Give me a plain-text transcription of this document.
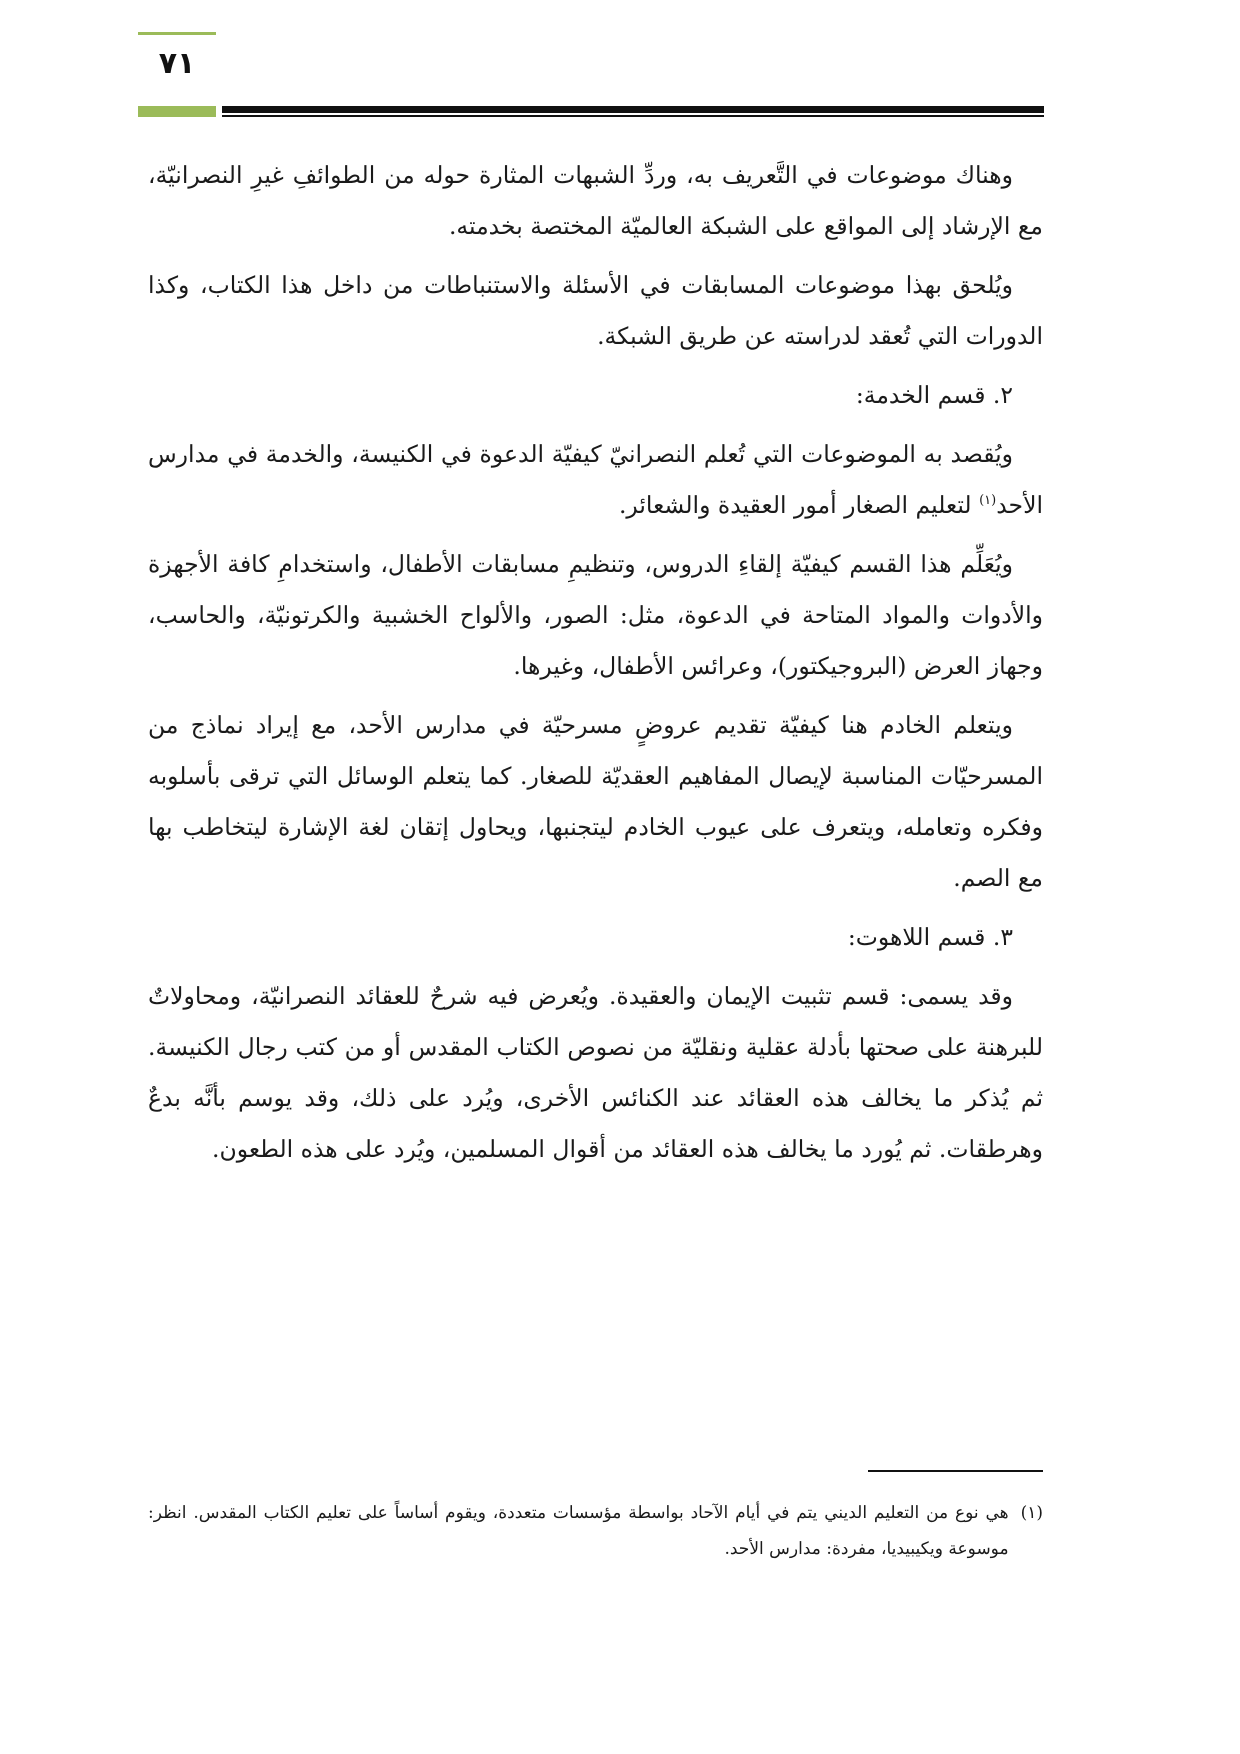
٧١

وهناك موضوعات في التَّعريف به، وردِّ الشبهات المثارة حوله من الطوائفِ غيرِ النصرانيّة، مع الإرشاد إلى المواقع على الشبكة العالميّة المختصة بخدمته.

ويُلحق بهذا موضوعات المسابقات في الأسئلة والاستنباطات من داخل هذا الكتاب، وكذا الدورات التي تُعقد لدراسته عن طريق الشبكة.

٢. قسم الخدمة:

ويُقصد به الموضوعات التي تُعلم النصرانيّ كيفيّة الدعوة في الكنيسة، والخدمة في مدارس الأحد$^{(١)}$ لتعليم الصغار أمور العقيدة والشعائر.

ويُعَلِّم هذا القسم كيفيّة إلقاءِ الدروس، وتنظيمِ مسابقات الأطفال، واستخدامِ كافة الأجهزة والأدوات والمواد المتاحة في الدعوة، مثل: الصور، والألواح الخشبية والكرتونيّة، والحاسب، وجهاز العرض (البروجيكتور)، وعرائس الأطفال، وغيرها.

ويتعلم الخادم هنا كيفيّة تقديم عروضٍ مسرحيّة في مدارس الأحد، مع إيراد نماذج من المسرحيّات المناسبة لإيصال المفاهيم العقديّة للصغار. كما يتعلم الوسائل التي ترقى بأسلوبه وفكره وتعامله، ويتعرف على عيوب الخادم ليتجنبها، ويحاول إتقان لغة الإشارة ليتخاطب بها مع الصم.

٣. قسم اللاهوت:

وقد يسمى: قسم تثبيت الإيمان والعقيدة. ويُعرض فيه شرحٌ للعقائد النصرانيّة، ومحاولاتٌ للبرهنة على صحتها بأدلة عقلية ونقليّة من نصوص الكتاب المقدس أو من كتب رجال الكنيسة. ثم يُذكر ما يخالف هذه العقائد عند الكنائس الأخرى، ويُرد على ذلك، وقد يوسم بأنَّه بدعٌ وهرطقات. ثم يُورد ما يخالف هذه العقائد من أقوال المسلمين، ويُرد على هذه الطعون.

(١)
هي نوع من التعليم الديني يتم في أيام الآحاد بواسطة مؤسسات متعددة، ويقوم أساساً على تعليم الكتاب المقدس. انظر: موسوعة ويكيبيديا، مفردة: مدارس الأحد.
